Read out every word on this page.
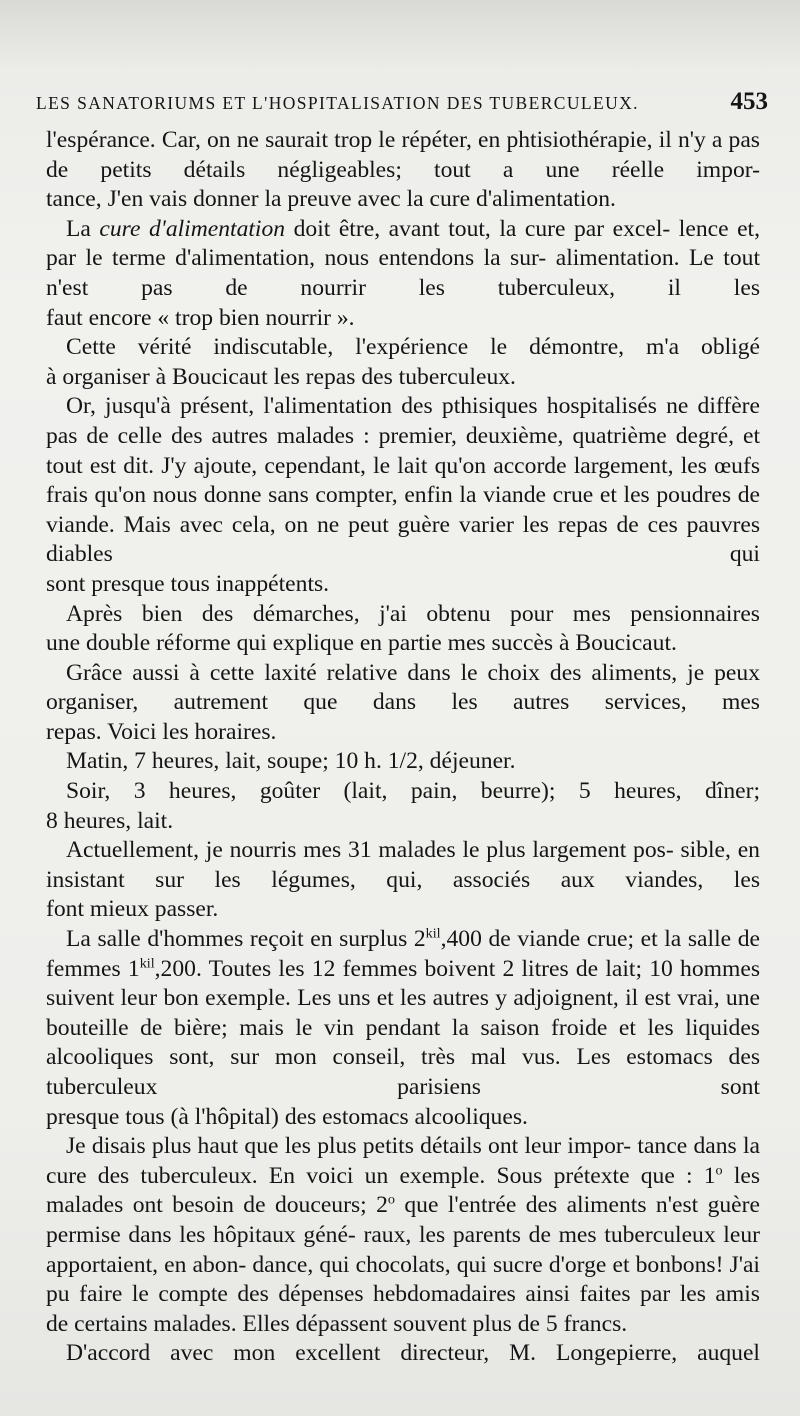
LES SANATORIUMS ET L'HOSPITALISATION DES TUBERCULEUX.	453

l'espérance. Car, on ne saurait trop le répéter, en phtisiothérapie, il n'y a pas de petits détails négligeables; tout a une réelle impor-

tance, J'en vais donner la preuve avec la cure d'alimentation.

La cure d'alimentation doit être, avant tout, la cure par excel- lence et, par le terme d'alimentation, nous entendons la sur- alimentation. Le tout n'est pas de nourrir les tuberculeux, il les

faut encore « trop bien nourrir ».

Cette vérité indiscutable, l'expérience le démontre, m'a obligé

à organiser à Boucicaut les repas des tuberculeux.

Or, jusqu'à présent, l'alimentation des pthisiques hospitalisés ne diffère pas de celle des autres malades : premier, deuxième, quatrième degré, et tout est dit. J'y ajoute, cependant, le lait qu'on accorde largement, les œufs frais qu'on nous donne sans compter, enfin la viande crue et les poudres de viande. Mais avec cela, on ne peut guère varier les repas de ces pauvres diables qui

sont presque tous inappétents.

Après bien des démarches, j'ai obtenu pour mes pensionnaires

une double réforme qui explique en partie mes succès à Boucicaut.

Grâce aussi à cette laxité relative dans le choix des aliments, je peux organiser, autrement que dans les autres services, mes

repas. Voici les horaires.

Matin, 7 heures, lait, soupe; 10 h. 1/2, déjeuner.

Soir, 3 heures, goûter (lait, pain, beurre); 5 heures, dîner;

8 heures, lait.

Actuellement, je nourris mes 31 malades le plus largement pos- sible, en insistant sur les légumes, qui, associés aux viandes, les

font mieux passer.

La salle d'hommes reçoit en surplus $2^{kil},400$ de viande crue; et la salle de femmes $1^{kil},200$. Toutes les 12 femmes boivent 2 litres de lait; 10 hommes suivent leur bon exemple. Les uns et les autres y adjoignent, il est vrai, une bouteille de bière; mais le vin pendant la saison froide et les liquides alcooliques sont, sur mon conseil, très mal vus. Les estomacs des tuberculeux parisiens sont

presque tous (à l'hôpital) des estomacs alcooliques.

Je disais plus haut que les plus petits détails ont leur impor- tance dans la cure des tuberculeux. En voici un exemple. Sous prétexte que : 1$^o$ les malades ont besoin de douceurs; 2$^o$ que l'entrée des aliments n'est guère permise dans les hôpitaux géné- raux, les parents de mes tuberculeux leur apportaient, en abon- dance, qui chocolats, qui sucre d'orge et bonbons! J'ai pu faire le compte des dépenses hebdomadaires ainsi faites par les amis

de certains malades. Elles dépassent souvent plus de 5 francs.

D'accord avec mon excellent directeur, M. Longepierre, auquel
